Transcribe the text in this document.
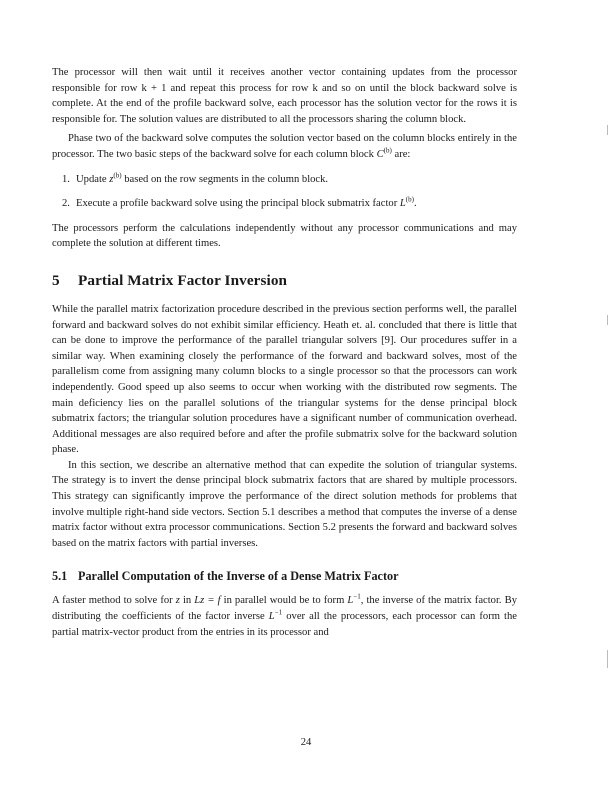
The processor will then wait until it receives another vector containing updates from the processor responsible for row k + 1 and repeat this process for row k and so on until the block backward solve is complete. At the end of the profile backward solve, each processor has the solution vector for the rows it is responsible for. The solution values are distributed to all the processors sharing the column block.

Phase two of the backward solve computes the solution vector based on the column blocks entirely in the processor. The two basic steps of the backward solve for each column block $C^{(b)}$ are:

1. Update $z^{(b)}$ based on the row segments in the column block.
2. Execute a profile backward solve using the principal block submatrix factor $L^{(b)}$.

The processors perform the calculations independently without any processor communications and may complete the solution at different times.

5 Partial Matrix Factor Inversion

While the parallel matrix factorization procedure described in the previous section performs well, the parallel forward and backward solves do not exhibit similar efficiency. Heath et. al. concluded that there is little that can be done to improve the performance of the parallel triangular solvers [9]. Our procedures suffer in a similar way. When examining closely the performance of the forward and backward solves, most of the parallelism come from assigning many column blocks to a single processor so that the processors can work independently. Good speed up also seems to occur when working with the distributed row segments. The main deficiency lies on the parallel solutions of the triangular systems for the dense principal block submatrix factors; the triangular solution procedures have a significant number of communication overhead. Additional messages are also required before and after the profile submatrix solve for the backward solution phase.

In this section, we describe an alternative method that can expedite the solution of triangular systems. The strategy is to invert the dense principal block submatrix factors that are shared by multiple processors. This strategy can significantly improve the performance of the direct solution methods for problems that involve multiple right-hand side vectors. Section 5.1 describes a method that computes the inverse of a dense matrix factor without extra processor communications. Section 5.2 presents the forward and backward solves based on the matrix factors with partial inverses.

5.1 Parallel Computation of the Inverse of a Dense Matrix Factor

A faster method to solve for z in Lz = f in parallel would be to form $L^{-1}$, the inverse of the matrix factor. By distributing the coefficients of the factor inverse $L^{-1}$ over all the processors, each processor can form the partial matrix-vector product from the entries in its processor and

24
